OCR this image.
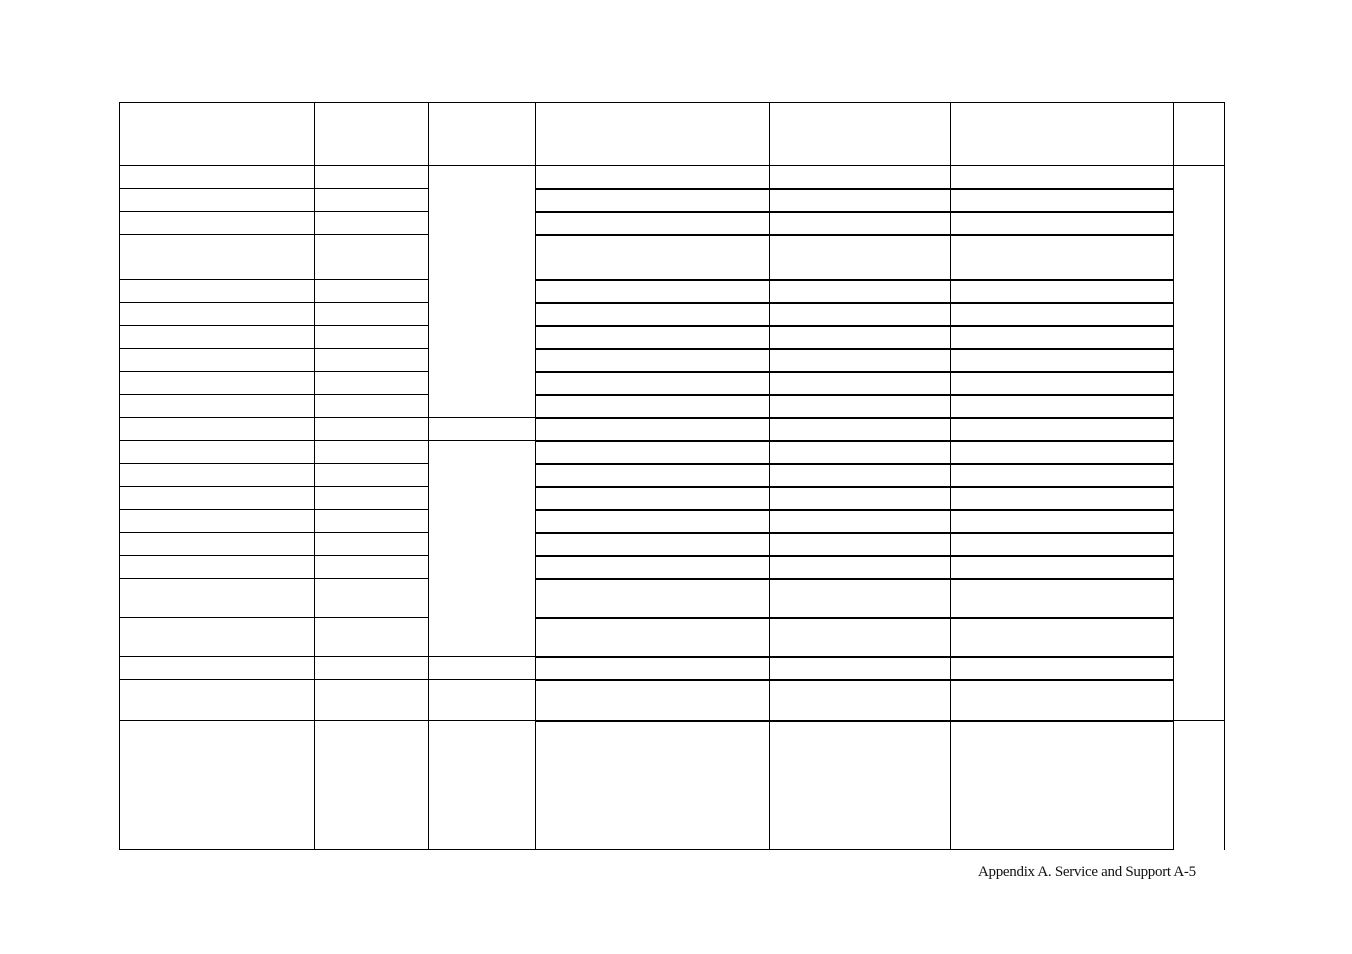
Appendix A. Service and Support A-5
